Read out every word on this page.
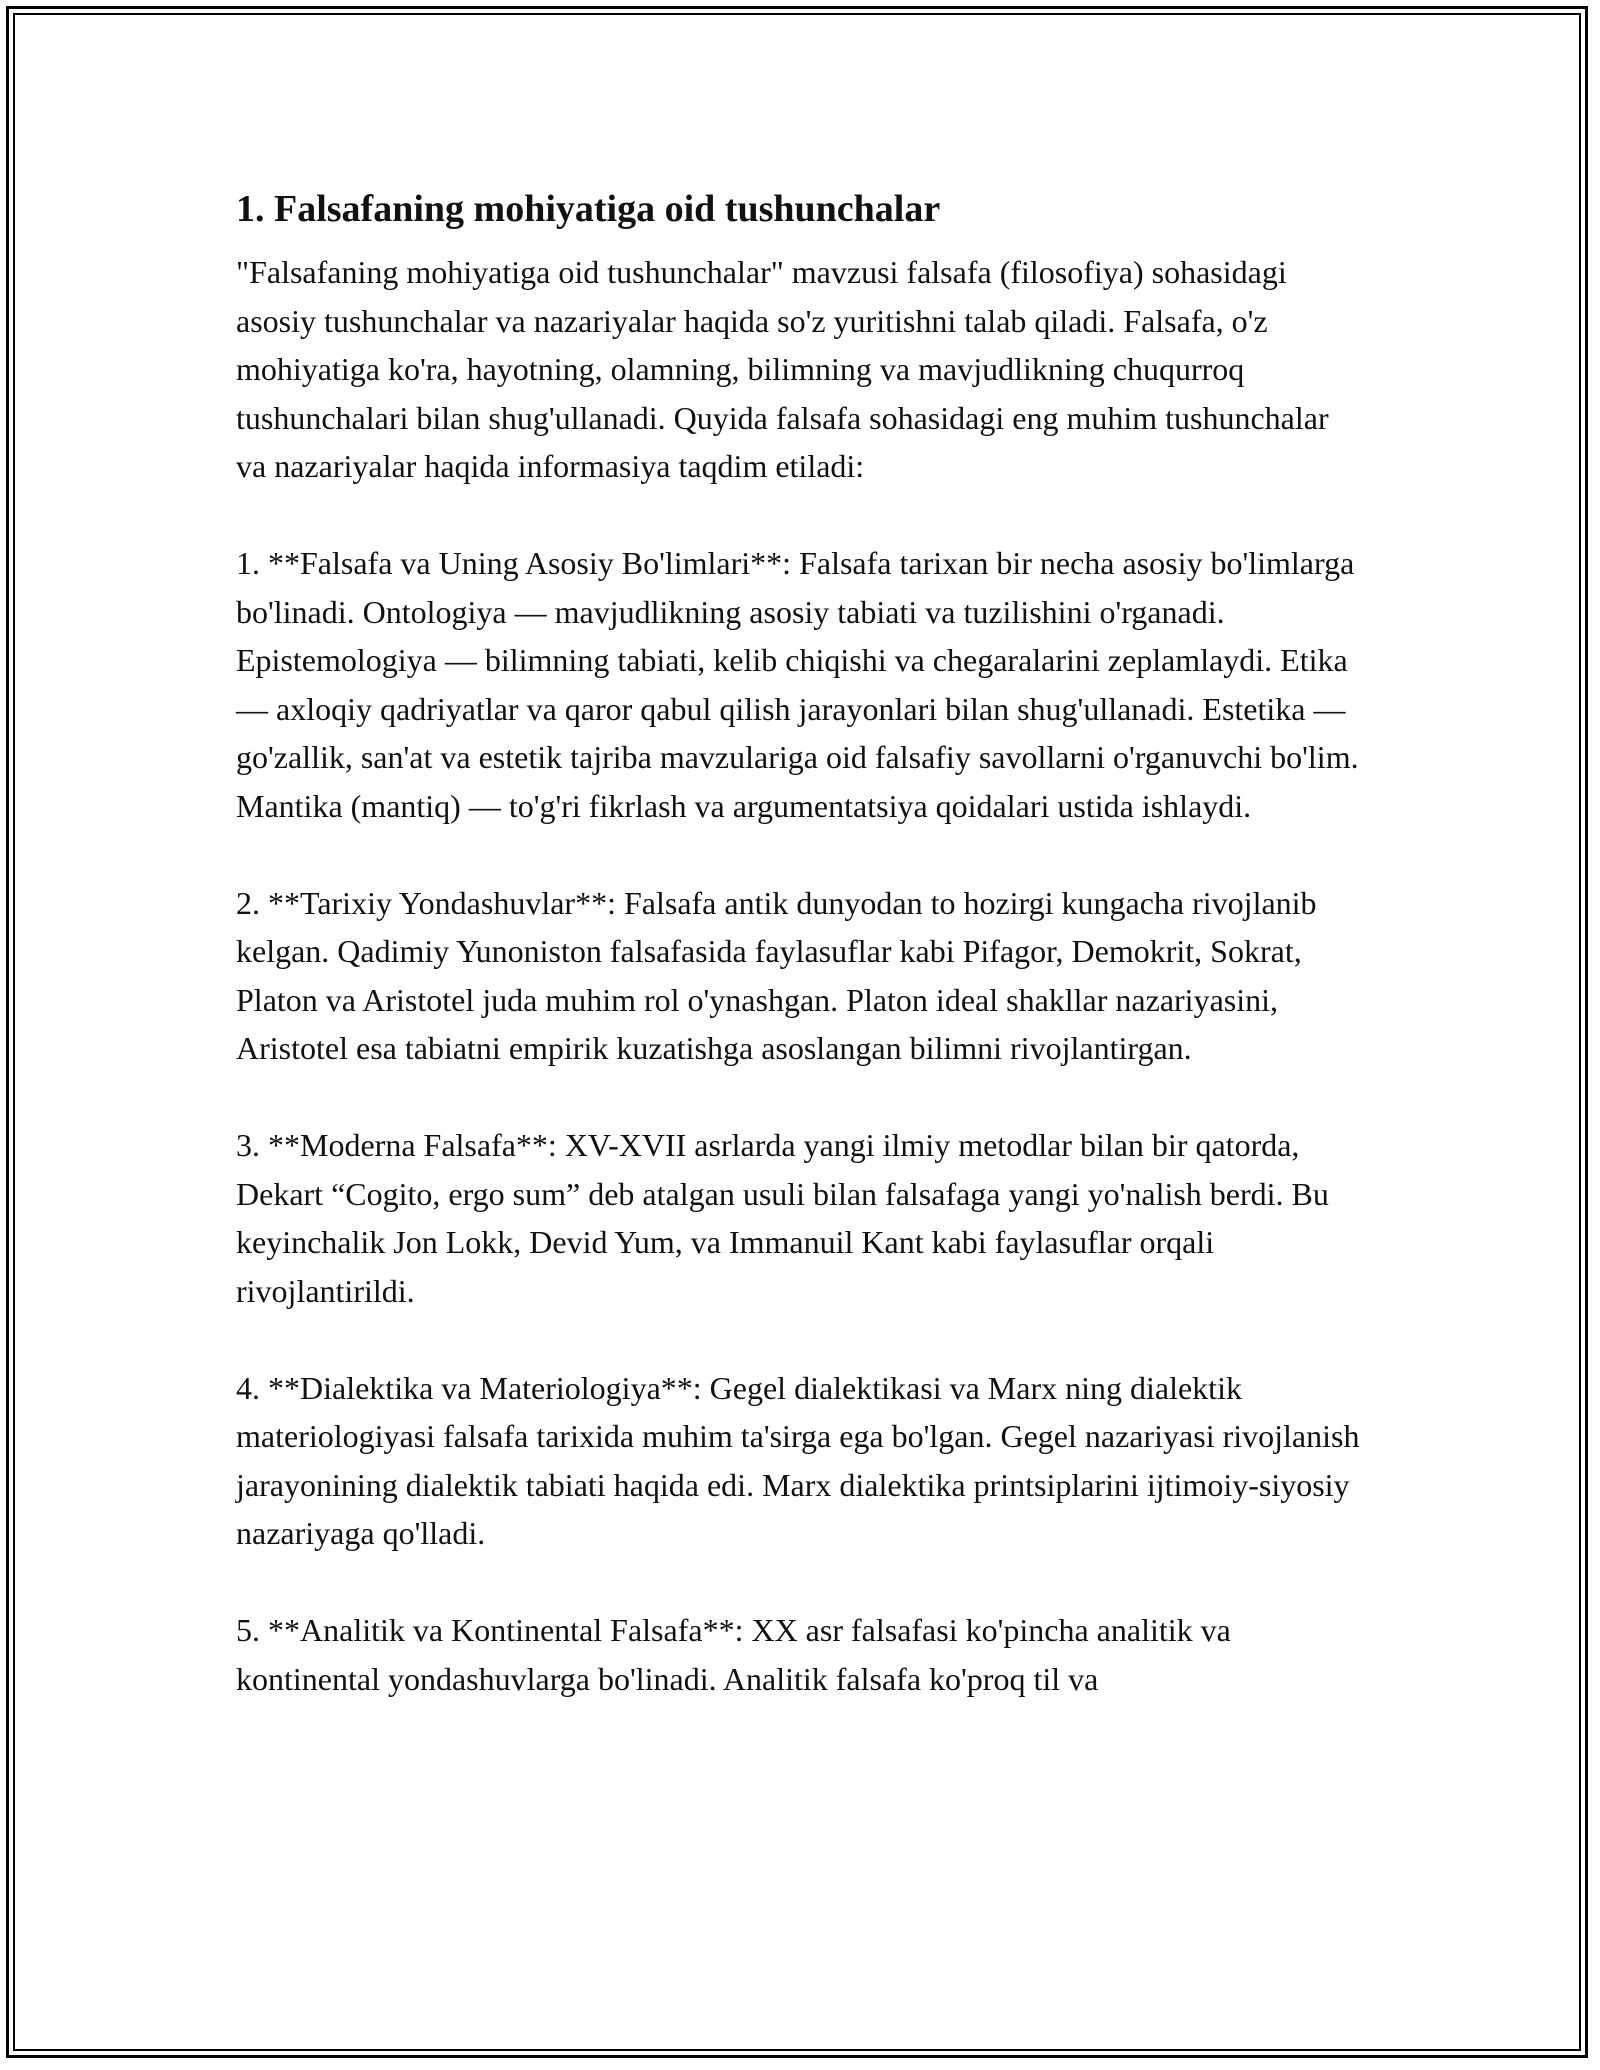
1. Falsafaning mohiyatiga oid tushunchalar

"Falsafaning mohiyatiga oid tushunchalar" mavzusi falsafa (filosofiya) sohasidagi asosiy tushunchalar va nazariyalar haqida so'z yuritishni talab qiladi. Falsafa, o'z mohiyatiga ko'ra, hayotning, olamning, bilimning va mavjudlikning chuqurroq tushunchalari bilan shug'ullanadi. Quyida falsafa sohasidagi eng muhim tushunchalar va nazariyalar haqida informasiya taqdim etiladi:

1. **Falsafa va Uning Asosiy Bo'limlari**: Falsafa tarixan bir necha asosiy bo'limlarga bo'linadi. Ontologiya — mavjudlikning asosiy tabiati va tuzilishini o'rganadi. Epistemologiya — bilimning tabiati, kelib chiqishi va chegaralarini zeplamlaydi. Etika — axloqiy qadriyatlar va qaror qabul qilish jarayonlari bilan shug'ullanadi. Estetika — go'zallik, san'at va estetik tajriba mavzulariga oid falsafiy savollarni o'rganuvchi bo'lim. Mantika (mantiq) — to'g'ri fikrlash va argumentatsiya qoidalari ustida ishlaydi.

2. **Tarixiy Yondashuvlar**: Falsafa antik dunyodan to hozirgi kungacha rivojlanib kelgan. Qadimiy Yunoniston falsafasida faylasuflar kabi Pifagor, Demokrit, Sokrat, Platon va Aristotel juda muhim rol o'ynashgan. Platon ideal shakllar nazariyasini, Aristotel esa tabiatni empirik kuzatishga asoslangan bilimni rivojlantirgan.

3. **Moderna Falsafa**: XV-XVII asrlarda yangi ilmiy metodlar bilan bir qatorda, Dekart “Cogito, ergo sum” deb atalgan usuli bilan falsafaga yangi yo'nalish berdi. Bu keyinchalik Jon Lokk, Devid Yum, va Immanuil Kant kabi faylasuflar orqali rivojlantirildi.

4. **Dialektika va Materiologiya**: Gegel dialektikasi va Marx ning dialektik materiologiyasi falsafa tarixida muhim ta'sirga ega bo'lgan. Gegel nazariyasi rivojlanish jarayonining dialektik tabiati haqida edi. Marx dialektika printsiplarini ijtimoiy-siyosiy nazariyaga qo'lladi.

5. **Analitik va Kontinental Falsafa**: XX asr falsafasi ko'pincha analitik va kontinental yondashuvlarga bo'linadi. Analitik falsafa ko'proq til va
